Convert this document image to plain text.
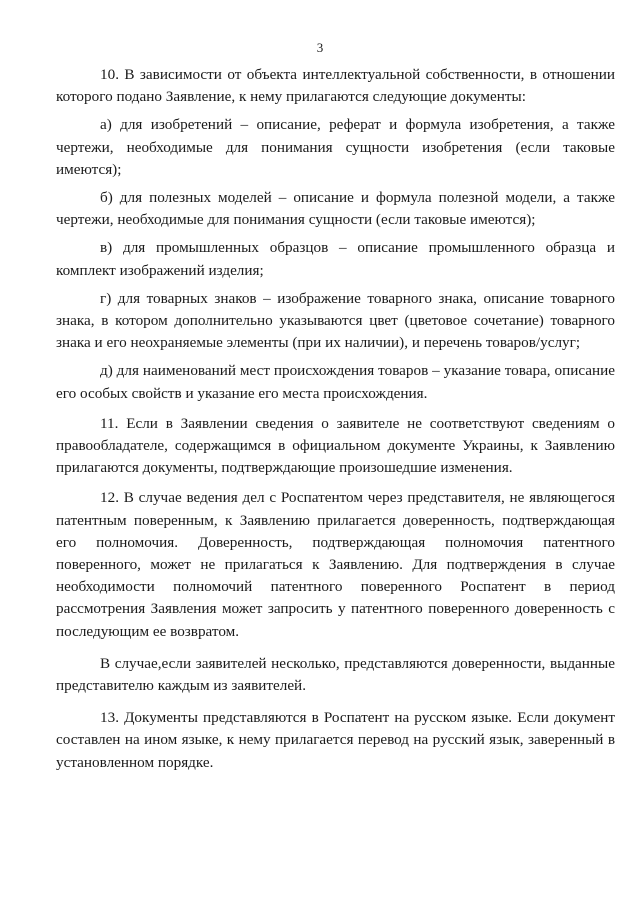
3

10. В зависимости от объекта интеллектуальной собственности, в отношении которого подано Заявление, к нему прилагаются следующие документы:

а) для изобретений – описание, реферат и формула изобретения, а также чертежи, необходимые для понимания сущности изобретения (если таковые имеются);

б) для полезных моделей – описание и формула полезной модели, а также чертежи, необходимые для понимания сущности (если таковые имеются);

в) для промышленных образцов – описание промышленного образца и комплект изображений изделия;

г) для товарных знаков – изображение товарного знака, описание товарного знака, в котором дополнительно указываются цвет (цветовое сочетание) товарного знака и его неохраняемые элементы (при их наличии), и перечень товаров/услуг;

д) для наименований мест происхождения товаров – указание товара, описание его особых свойств и указание его места происхождения.

11. Если в Заявлении сведения о заявителе не соответствуют сведениям о правообладателе, содержащимся в официальном документе Украины, к Заявлению прилагаются документы, подтверждающие произошедшие изменения.

12. В случае ведения дел с Роспатентом через представителя, не являющегося патентным поверенным, к Заявлению прилагается доверенность, подтверждающая его полномочия. Доверенность, подтверждающая полномочия патентного поверенного, может не прилагаться к Заявлению. Для подтверждения в случае необходимости полномочий патентного поверенного Роспатент в период рассмотрения Заявления может запросить у патентного поверенного доверенность с последующим ее возвратом.

В случае,если заявителей несколько, представляются доверенности, выданные представителю каждым из заявителей.

13. Документы представляются в Роспатент на русском языке. Если документ составлен на ином языке, к нему прилагается перевод на русский язык, заверенный в установленном порядке.
